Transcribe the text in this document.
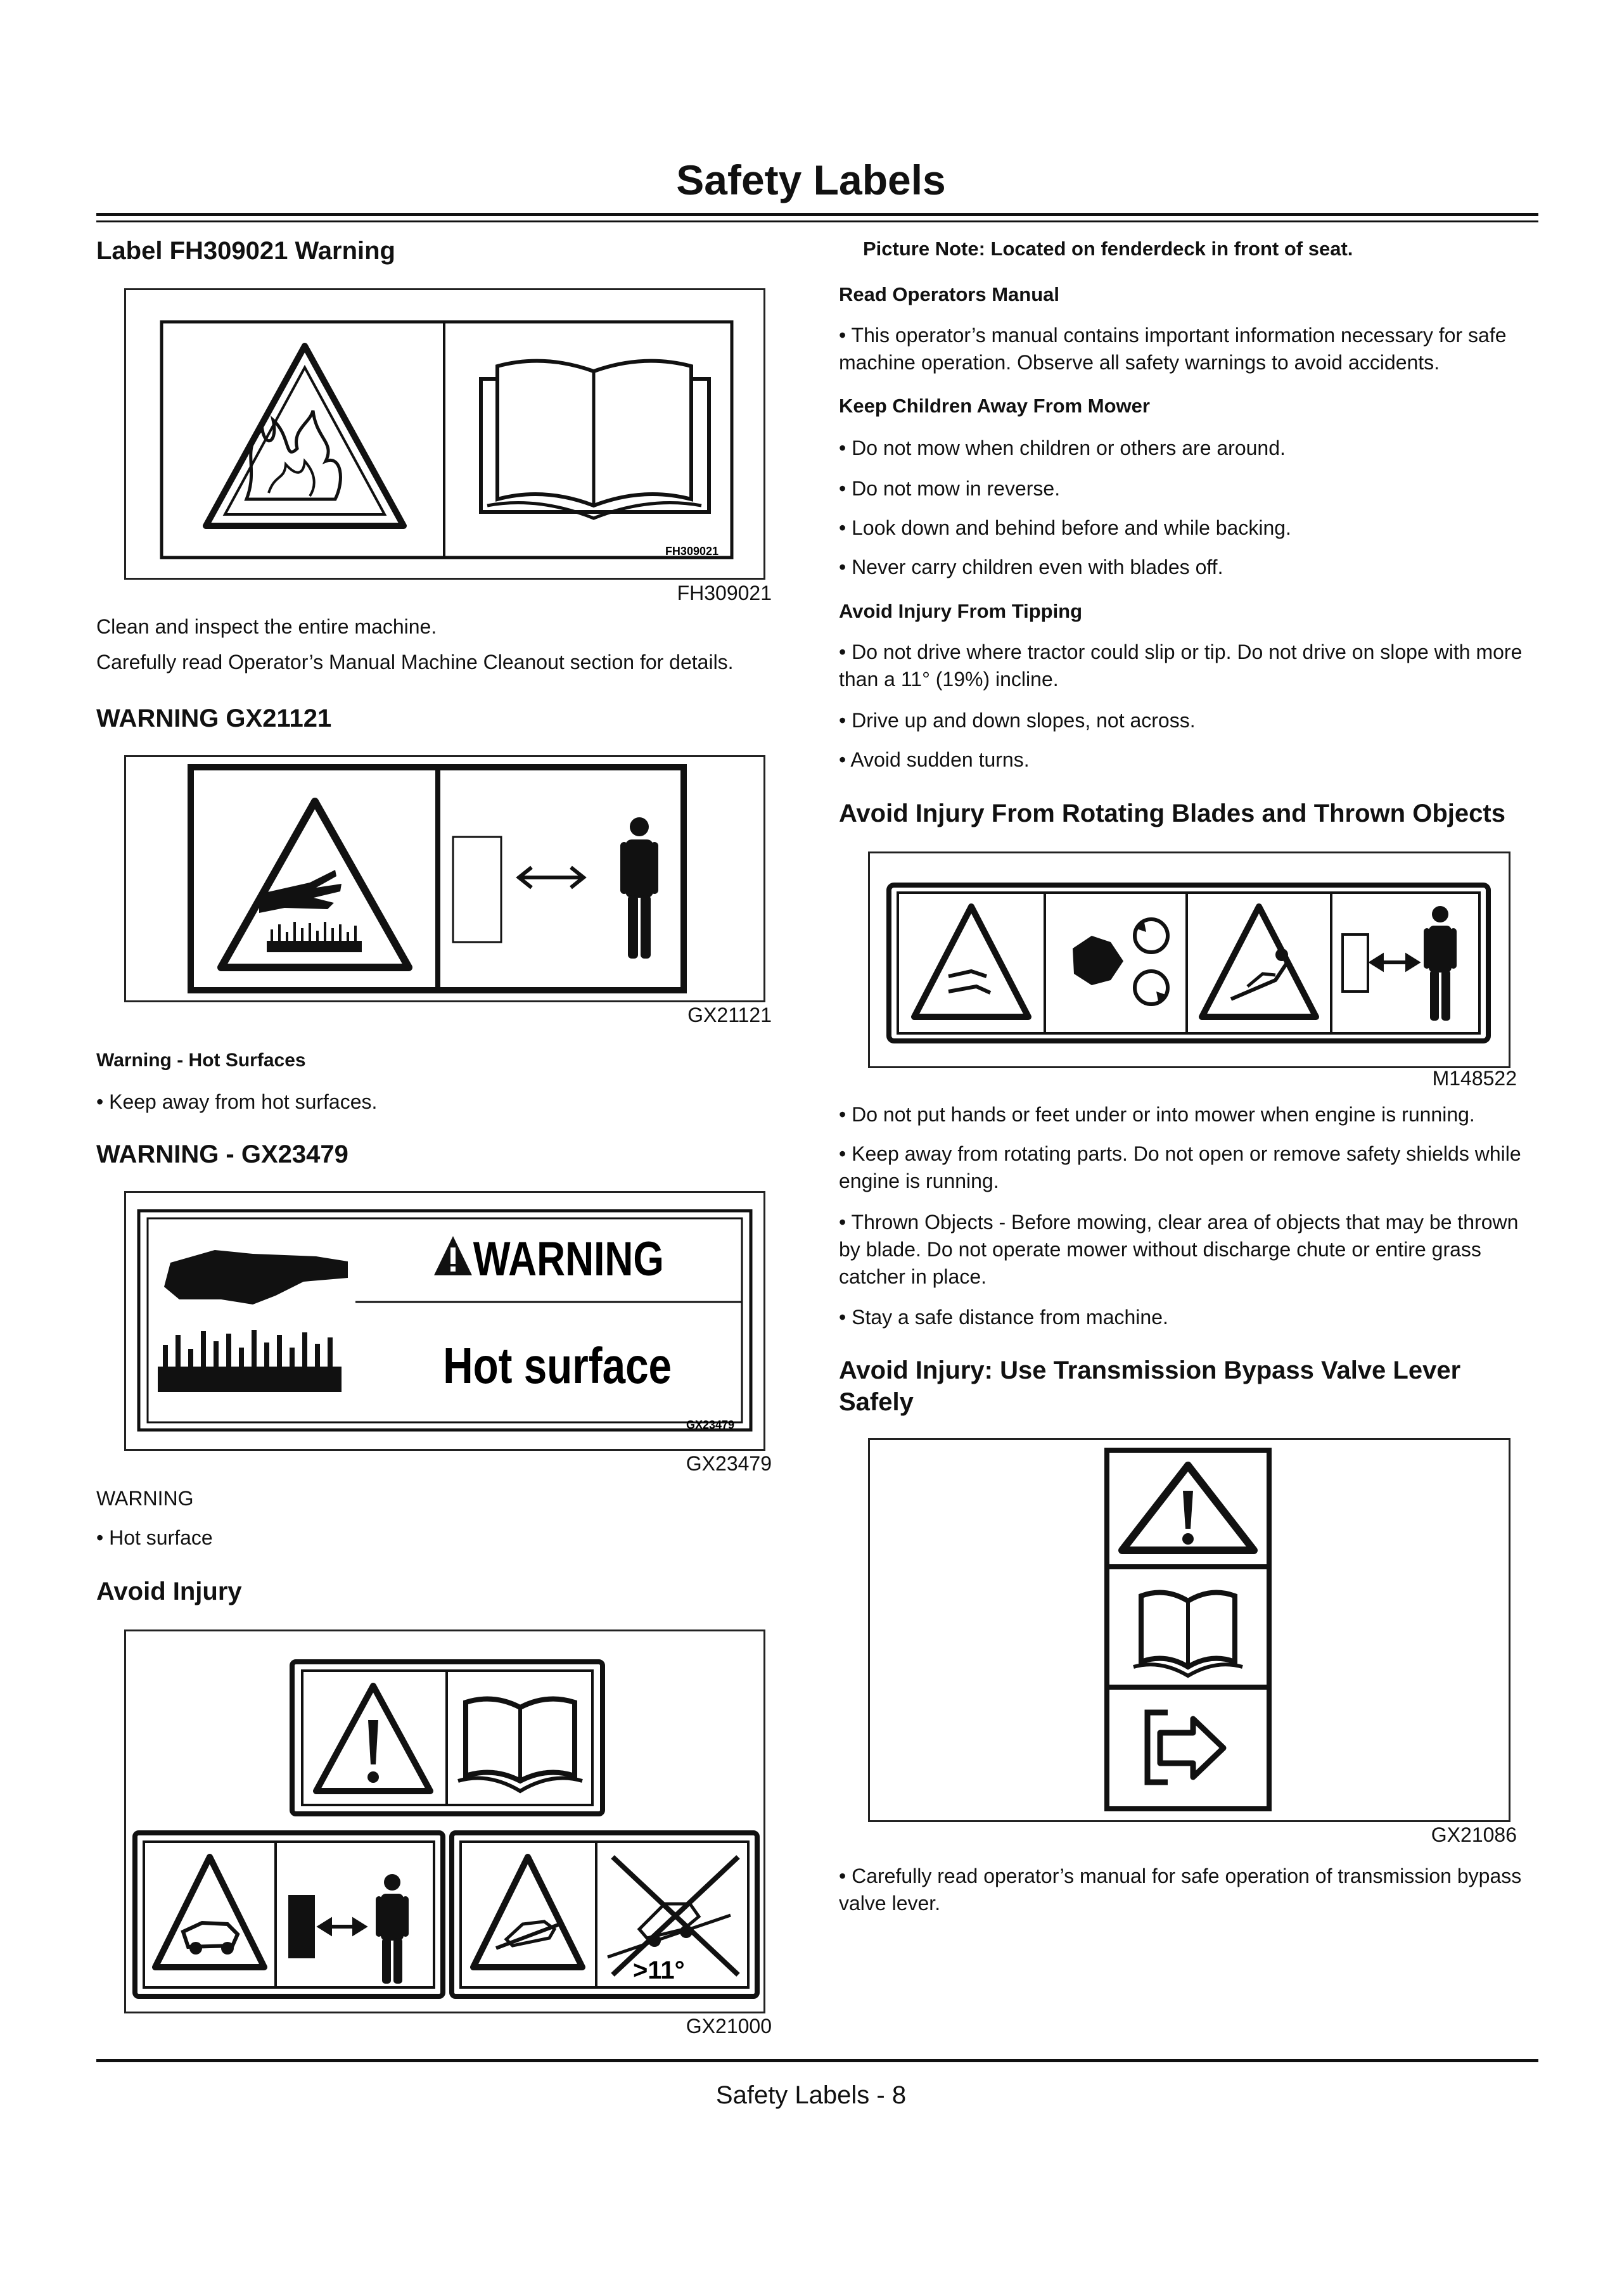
Safety Labels
Label FH309021 Warning
FH309021
FH309021
Clean and inspect the entire machine.
Carefully read Operator’s Manual Machine Cleanout section for details.
WARNING GX21121
GX21121
Warning - Hot Surfaces
• Keep away from hot surfaces.
WARNING - GX23479
WARNING
Hot surface
GX23479
GX23479
WARNING
• Hot surface
Avoid Injury
>11°
GX21000
Picture Note: Located on fenderdeck in front of seat.
Read Operators Manual
• This operator’s manual contains important information necessary for safe machine operation. Observe all safety warnings to avoid accidents.
Keep Children Away From Mower
• Do not mow when children or others are around.
• Do not mow in reverse.
• Look down and behind before and while backing.
• Never carry children even with blades off.
Avoid Injury From Tipping
• Do not drive where tractor could slip or tip. Do not drive on slope with more than a 11° (19%) incline.
• Drive up and down slopes, not across.
• Avoid sudden turns.
Avoid Injury From Rotating Blades and Thrown Objects
M148522
• Do not put hands or feet under or into mower when engine is running.
• Keep away from rotating parts. Do not open or remove safety shields while engine is running.
• Thrown Objects - Before mowing, clear area of objects that may be thrown by blade. Do not operate mower without discharge chute or entire grass catcher in place.
• Stay a safe distance from machine.
Avoid Injury: Use Transmission Bypass Valve Lever Safely
GX21086
• Carefully read operator’s manual for safe operation of transmission bypass valve lever.
Safety Labels - 8
